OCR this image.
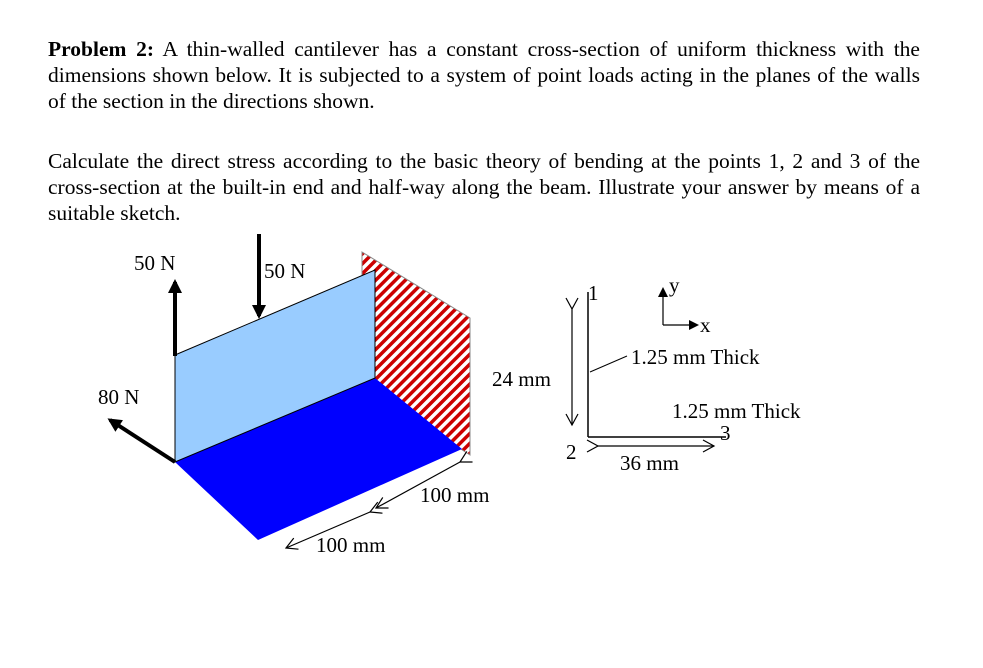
Problem 2: A thin-walled cantilever has a constant cross-section of uniform thickness with the dimensions shown below. It is subjected to a system of point loads acting in the planes of the walls of the section in the directions shown.

Calculate the direct stress according to the basic theory of bending at the points 1, 2 and 3 of the cross-section at the built-in end and half-way along the beam. Illustrate your answer by means of a suitable sketch.

50 N	50 N
80 N
100 mm
100 mm
24 mm
36 mm
1.25 mm Thick
1.25 mm Thick
1
2
3
y
x
